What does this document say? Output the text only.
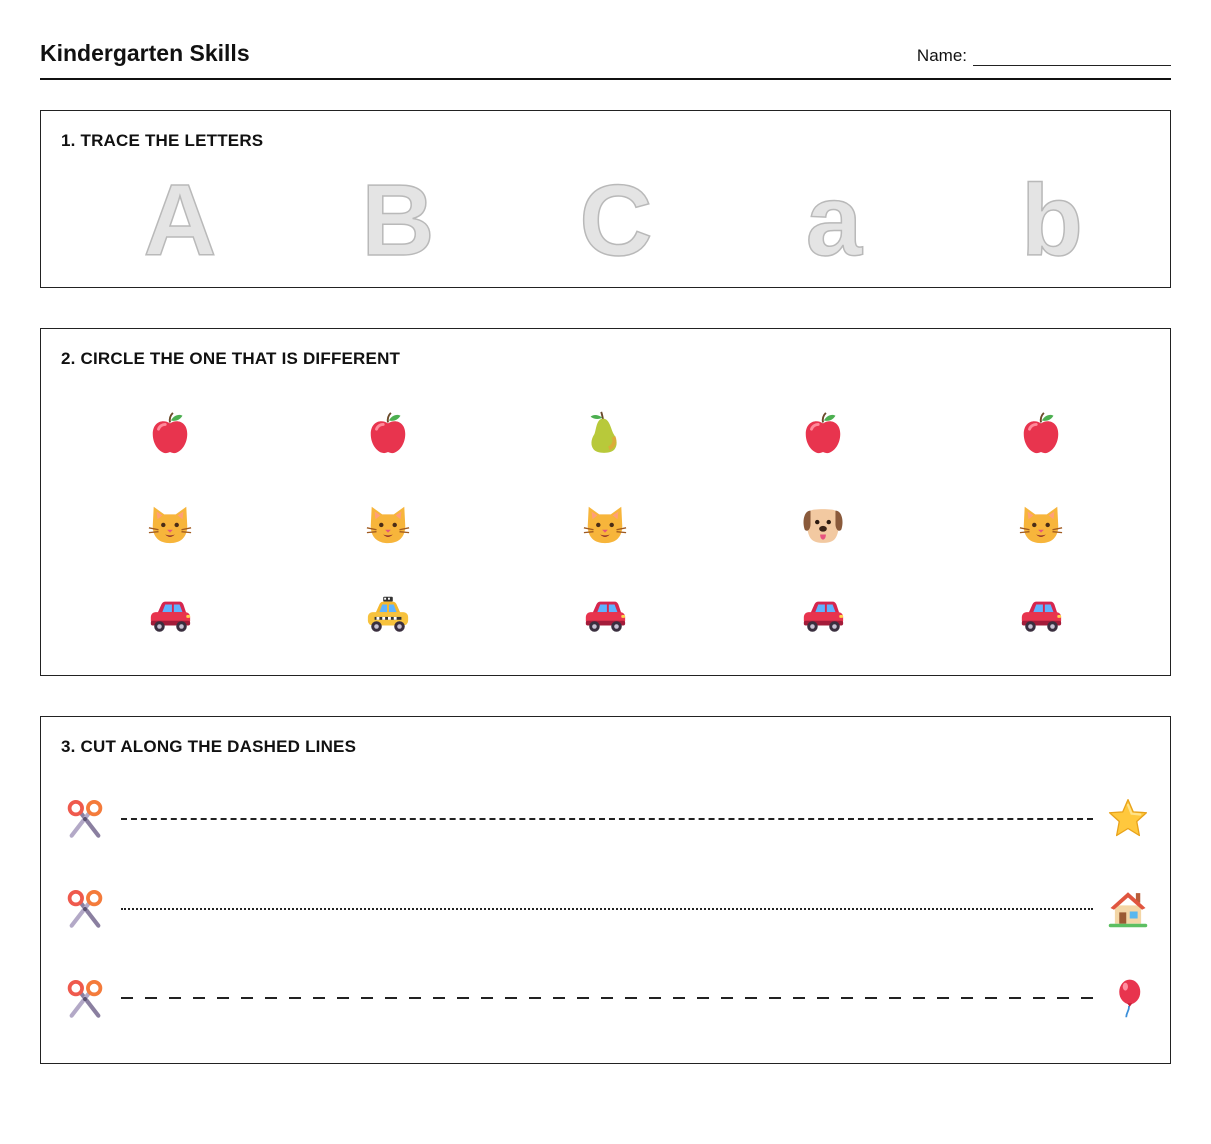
Kindergarten Skills	Name:
1. TRACE THE LETTERS
A B C a b
2. CIRCLE THE ONE THAT IS DIFFERENT
3. CUT ALONG THE DASHED LINES
